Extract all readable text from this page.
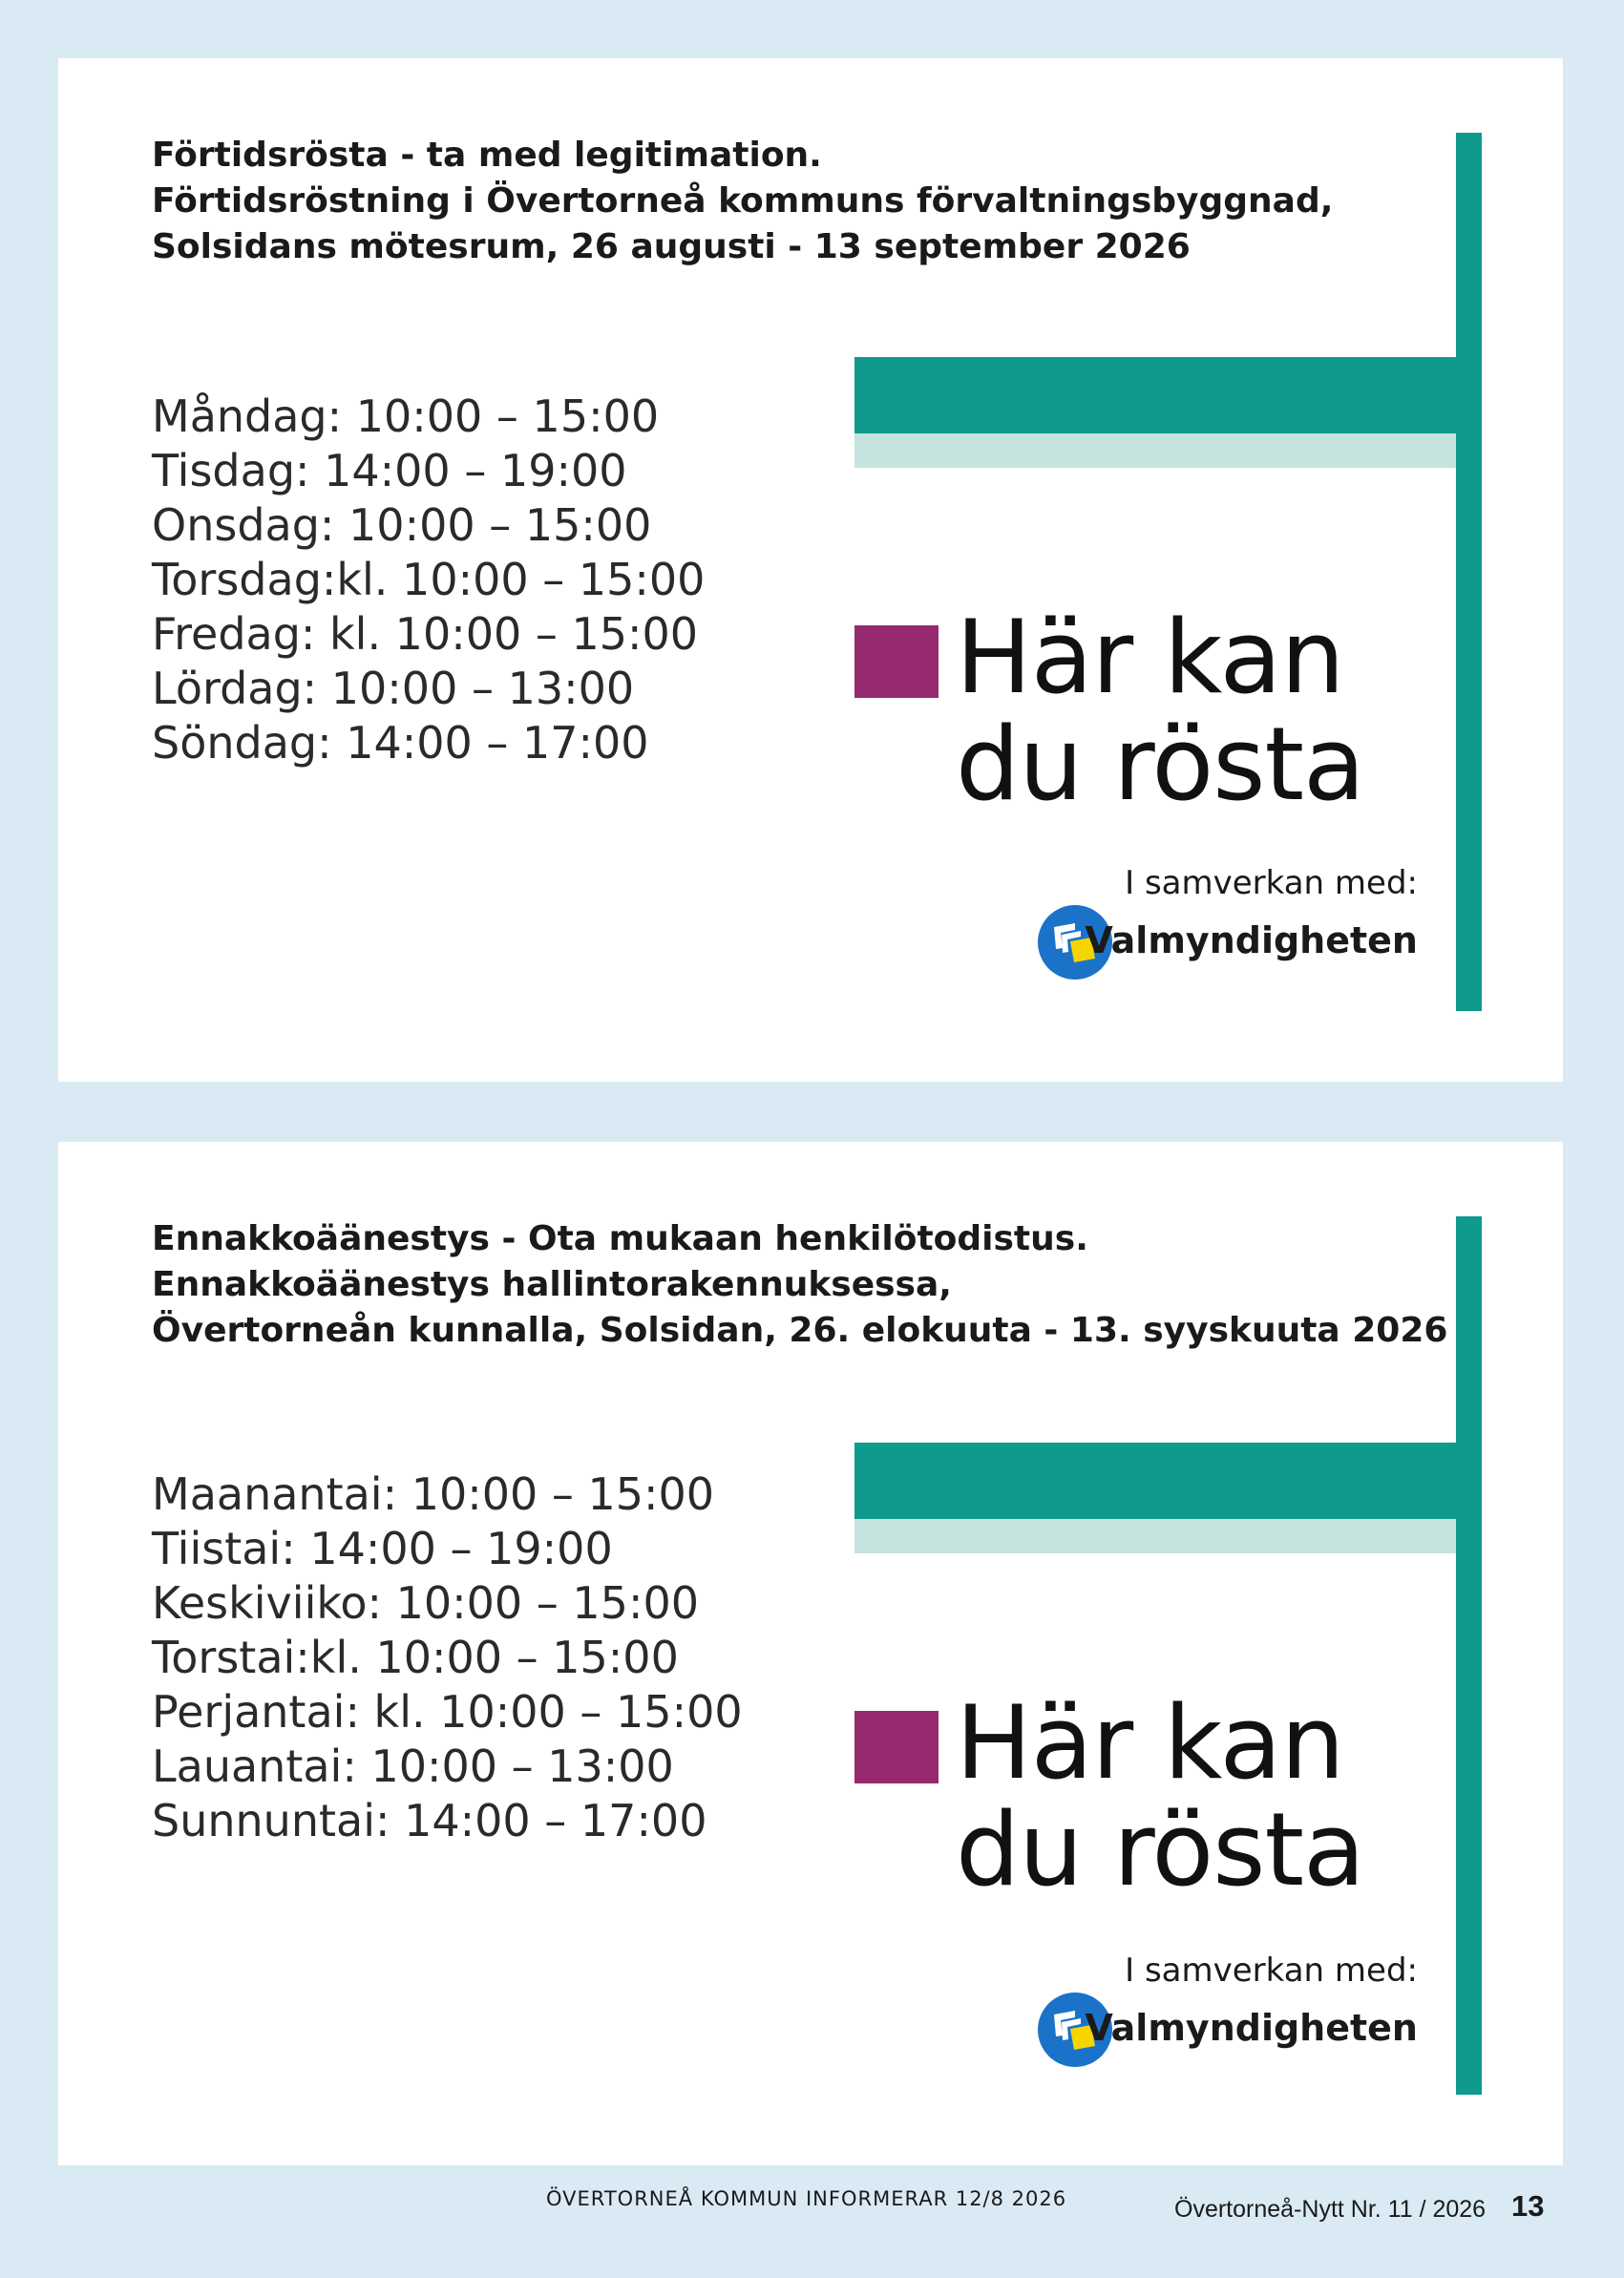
Förtidsrösta - ta med legitimation.
Förtidsröstning i Övertorneå kommuns förvaltningsbyggnad,
Solsidans mötesrum, 26 augusti - 13 september 2026
Måndag: 10:00 – 15:00
Tisdag: 14:00 – 19:00
Onsdag: 10:00 – 15:00
Torsdag:kl. 10:00 – 15:00
Fredag: kl. 10:00 – 15:00
Lördag: 10:00 – 13:00
Söndag: 14:00 – 17:00
Här kan
du rösta
I samverkan med:
Valmyndigheten
Ennakkoäänestys - Ota mukaan henkilötodistus.
Ennakkoäänestys hallintorakennuksessa,
Övertorneån kunnalla, Solsidan, 26. elokuuta - 13. syyskuuta 2026
Maanantai: 10:00 – 15:00
Tiistai: 14:00 – 19:00
Keskiviiko: 10:00 – 15:00
Torstai:kl. 10:00 – 15:00
Perjantai: kl. 10:00 – 15:00
Lauantai: 10:00 – 13:00
Sunnuntai: 14:00 – 17:00
Här kan
du rösta
I samverkan med:
Valmyndigheten
ÖVERTORNEÅ KOMMUN INFORMERAR 12/8 2026	Övertorneå-Nytt Nr. 11 / 2026 13
